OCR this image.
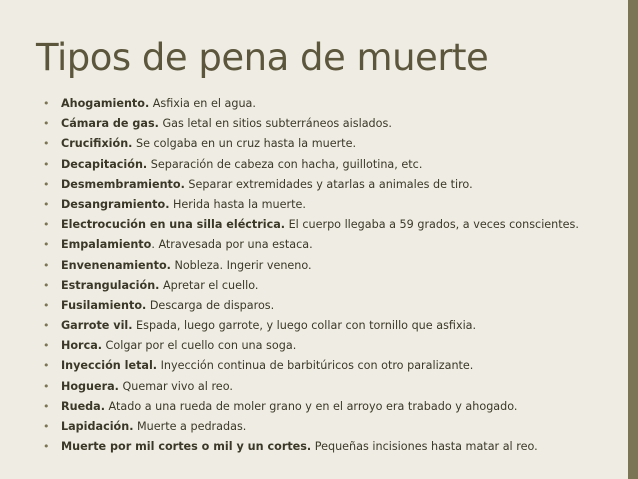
Tipos de pena de muerte
• Ahogamiento. Asfixia en el agua.
• Cámara de gas. Gas letal en sitios subterráneos aislados.
• Crucifixión. Se colgaba en un cruz hasta la muerte.
• Decapitación. Separación de cabeza con hacha, guillotina, etc.
• Desmembramiento. Separar extremidades y atarlas a animales de tiro.
• Desangramiento. Herida hasta la muerte.
• Electrocución en una silla eléctrica. El cuerpo llegaba a 59 grados, a veces conscientes.
• Empalamiento. Atravesada por una estaca.
• Envenenamiento. Nobleza. Ingerir veneno.
• Estrangulación. Apretar el cuello.
• Fusilamiento. Descarga de disparos.
• Garrote vil. Espada, luego garrote, y luego collar con tornillo que asfixia.
• Horca. Colgar por el cuello con una soga.
• Inyección letal. Inyección continua de barbitúricos con otro paralizante.
• Hoguera. Quemar vivo al reo.
• Rueda. Atado a una rueda de moler grano y en el arroyo era trabado y ahogado.
• Lapidación. Muerte a pedradas.
• Muerte por mil cortes o mil y un cortes. Pequeñas incisiones hasta matar al reo.
